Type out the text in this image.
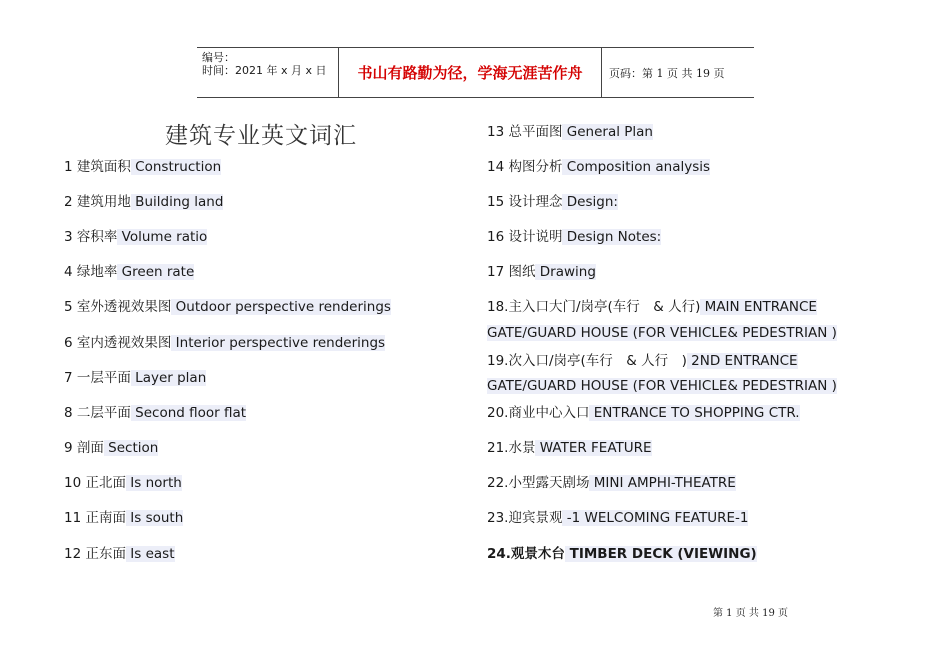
编号：
时间：2021 年 x 月 x 日	书山有路勤为径，学海无涯苦作舟	页码：第 1 页 共 19 页
建筑专业英文词汇
1 建筑面积 Construction
2 建筑用地 Building land
3 容积率 Volume ratio
4 绿地率 Green rate
5 室外透视效果图 Outdoor perspective renderings
6 室内透视效果图 Interior perspective renderings
7 一层平面 Layer plan
8 二层平面 Second floor flat
9 剖面 Section
10 正北面 Is north
11 正南面 Is south
12 正东面 Is east
13 总平面图 General Plan
14 构图分析 Composition analysis
15 设计理念 Design:
16 设计说明 Design Notes:
17 图纸 Drawing
18.主入口大门/岗亭(车行　& 人行) MAIN ENTRANCE
GATE/GUARD HOUSE (FOR VEHICLE& PEDESTRIAN )
19.次入口/岗亭(车行　& 人行　) 2ND ENTRANCE
GATE/GUARD HOUSE (FOR VEHICLE& PEDESTRIAN )
20.商业中心入口 ENTRANCE TO SHOPPING CTR.
21.水景 WATER FEATURE
22.小型露天剧场 MINI AMPHI-THEATRE
23.迎宾景观 -1 WELCOMING FEATURE-1
24.观景木台 TIMBER DECK (VIEWING)
第 1 页 共 19 页
